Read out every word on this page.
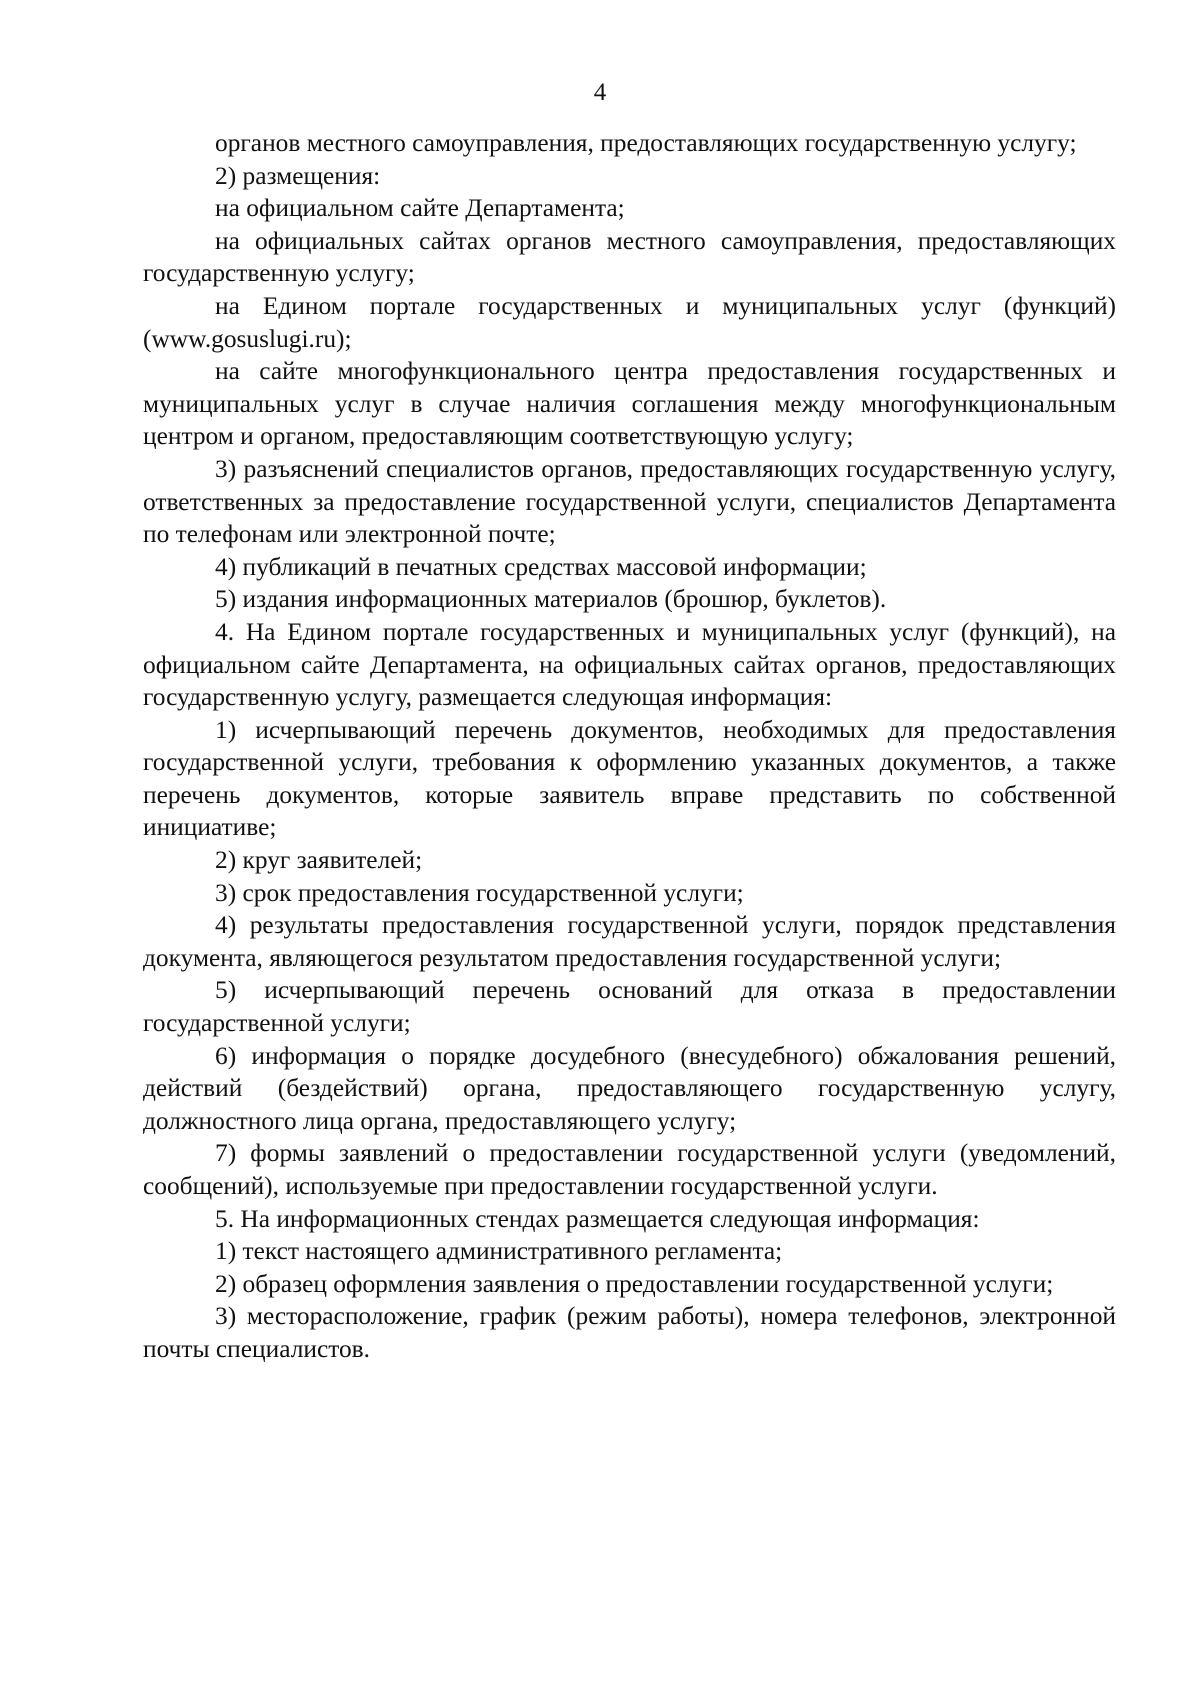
4

органов местного самоуправления, предоставляющих государственную услугу;

2) размещения:

на официальном сайте Департамента;

на официальных сайтах органов местного самоуправления, предоставляющих государственную услугу;

на Едином портале государственных и муниципальных услуг (функций) (www.gosuslugi.ru);

на сайте многофункционального центра предоставления государственных и муниципальных услуг в случае наличия соглашения между многофункциональным центром и органом, предоставляющим соответствующую услугу;

3) разъяснений специалистов органов, предоставляющих государственную услугу, ответственных за предоставление государственной услуги, специалистов Департамента по телефонам или электронной почте;

4) публикаций в печатных средствах массовой информации;

5) издания информационных материалов (брошюр, буклетов).

4. На Едином портале государственных и муниципальных услуг (функций), на официальном сайте Департамента, на официальных сайтах органов, предоставляющих государственную услугу, размещается следующая информация:

1) исчерпывающий перечень документов, необходимых для предоставления государственной услуги, требования к оформлению указанных документов, а также перечень документов, которые заявитель вправе представить по собственной инициативе;

2) круг заявителей;

3) срок предоставления государственной услуги;

4) результаты предоставления государственной услуги, порядок представления документа, являющегося результатом предоставления государственной услуги;

5) исчерпывающий перечень оснований для отказа в предоставлении государственной услуги;

6) информация о порядке досудебного (внесудебного) обжалования решений, действий (бездействий) органа, предоставляющего государственную услугу, должностного лица органа, предоставляющего услугу;

7) формы заявлений о предоставлении государственной услуги (уведомлений, сообщений), используемые при предоставлении государственной услуги.

5. На информационных стендах размещается следующая информация:

1) текст настоящего административного регламента;

2) образец оформления заявления о предоставлении государственной услуги;

3) месторасположение, график (режим работы), номера телефонов, электронной почты специалистов.
